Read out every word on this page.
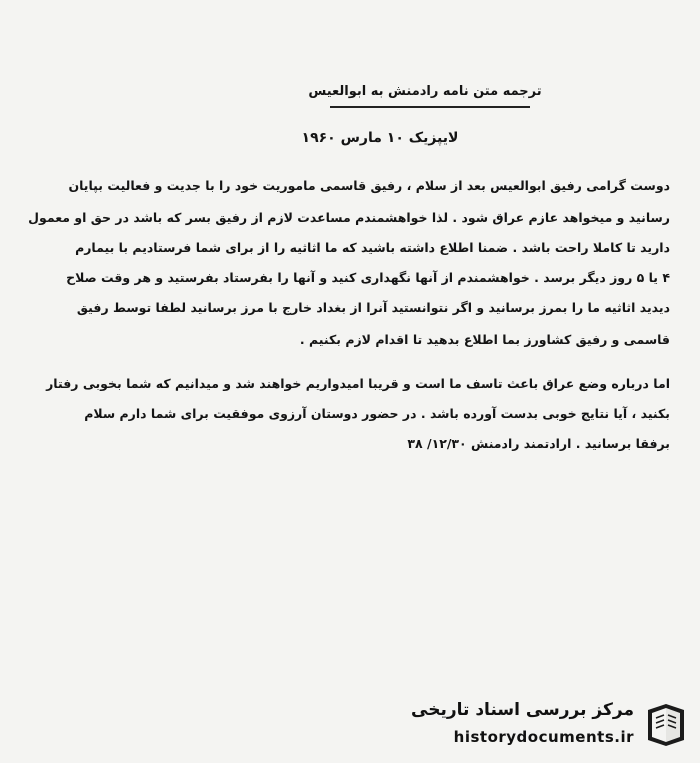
ترجمه متن نامه رادمنش به ابوالعیس
لایپزیک ۱۰ مارس ۱۹۶۰
دوست گرامی رفیق ابوالعیس بعد از سلام ، رفیق قاسمی ماموریت خود را با جدیت و فعالیت بپایان
رسانید و میخواهد عازم عراق شود . لذا خواهشمندم مساعدت لازم از رفیق بسر که باشد در حق او معمول
دارید تا کاملا راحت باشد . ضمنا اطلاع داشته باشید که ما اثاثیه را از برای شما فرستادیم با بیمارم
۴ یا ۵ روز دیگر برسد . خواهشمندم از آنها نگهداری کنید و آنها را بفرستاد بفرستید و هر وقت صلاح
دیدید اثاثیه ما را بمرز برسانید و اگر نتوانستید آنرا از بغداد خارج با مرز برسانید لطفا توسط رفیق
قاسمی و رفیق کشاورز بما اطلاع بدهید تا اقدام لازم بکنیم .
اما درباره وضع عراق باعث تاسف ما است و قریبا امیدواریم خواهند شد و میدانیم که شما بخوبی رفتار
بکنید ، آیا نتایج خوبی بدست آورده باشد . در حضور دوستان آرزوی موفقیت برای شما دارم سلام
برفقا برسانید . ارادتمند رادمنش ۱۲/۳۰/ ۳۸
مرکز بررسی اسناد تاریخی
historydocuments.ir
